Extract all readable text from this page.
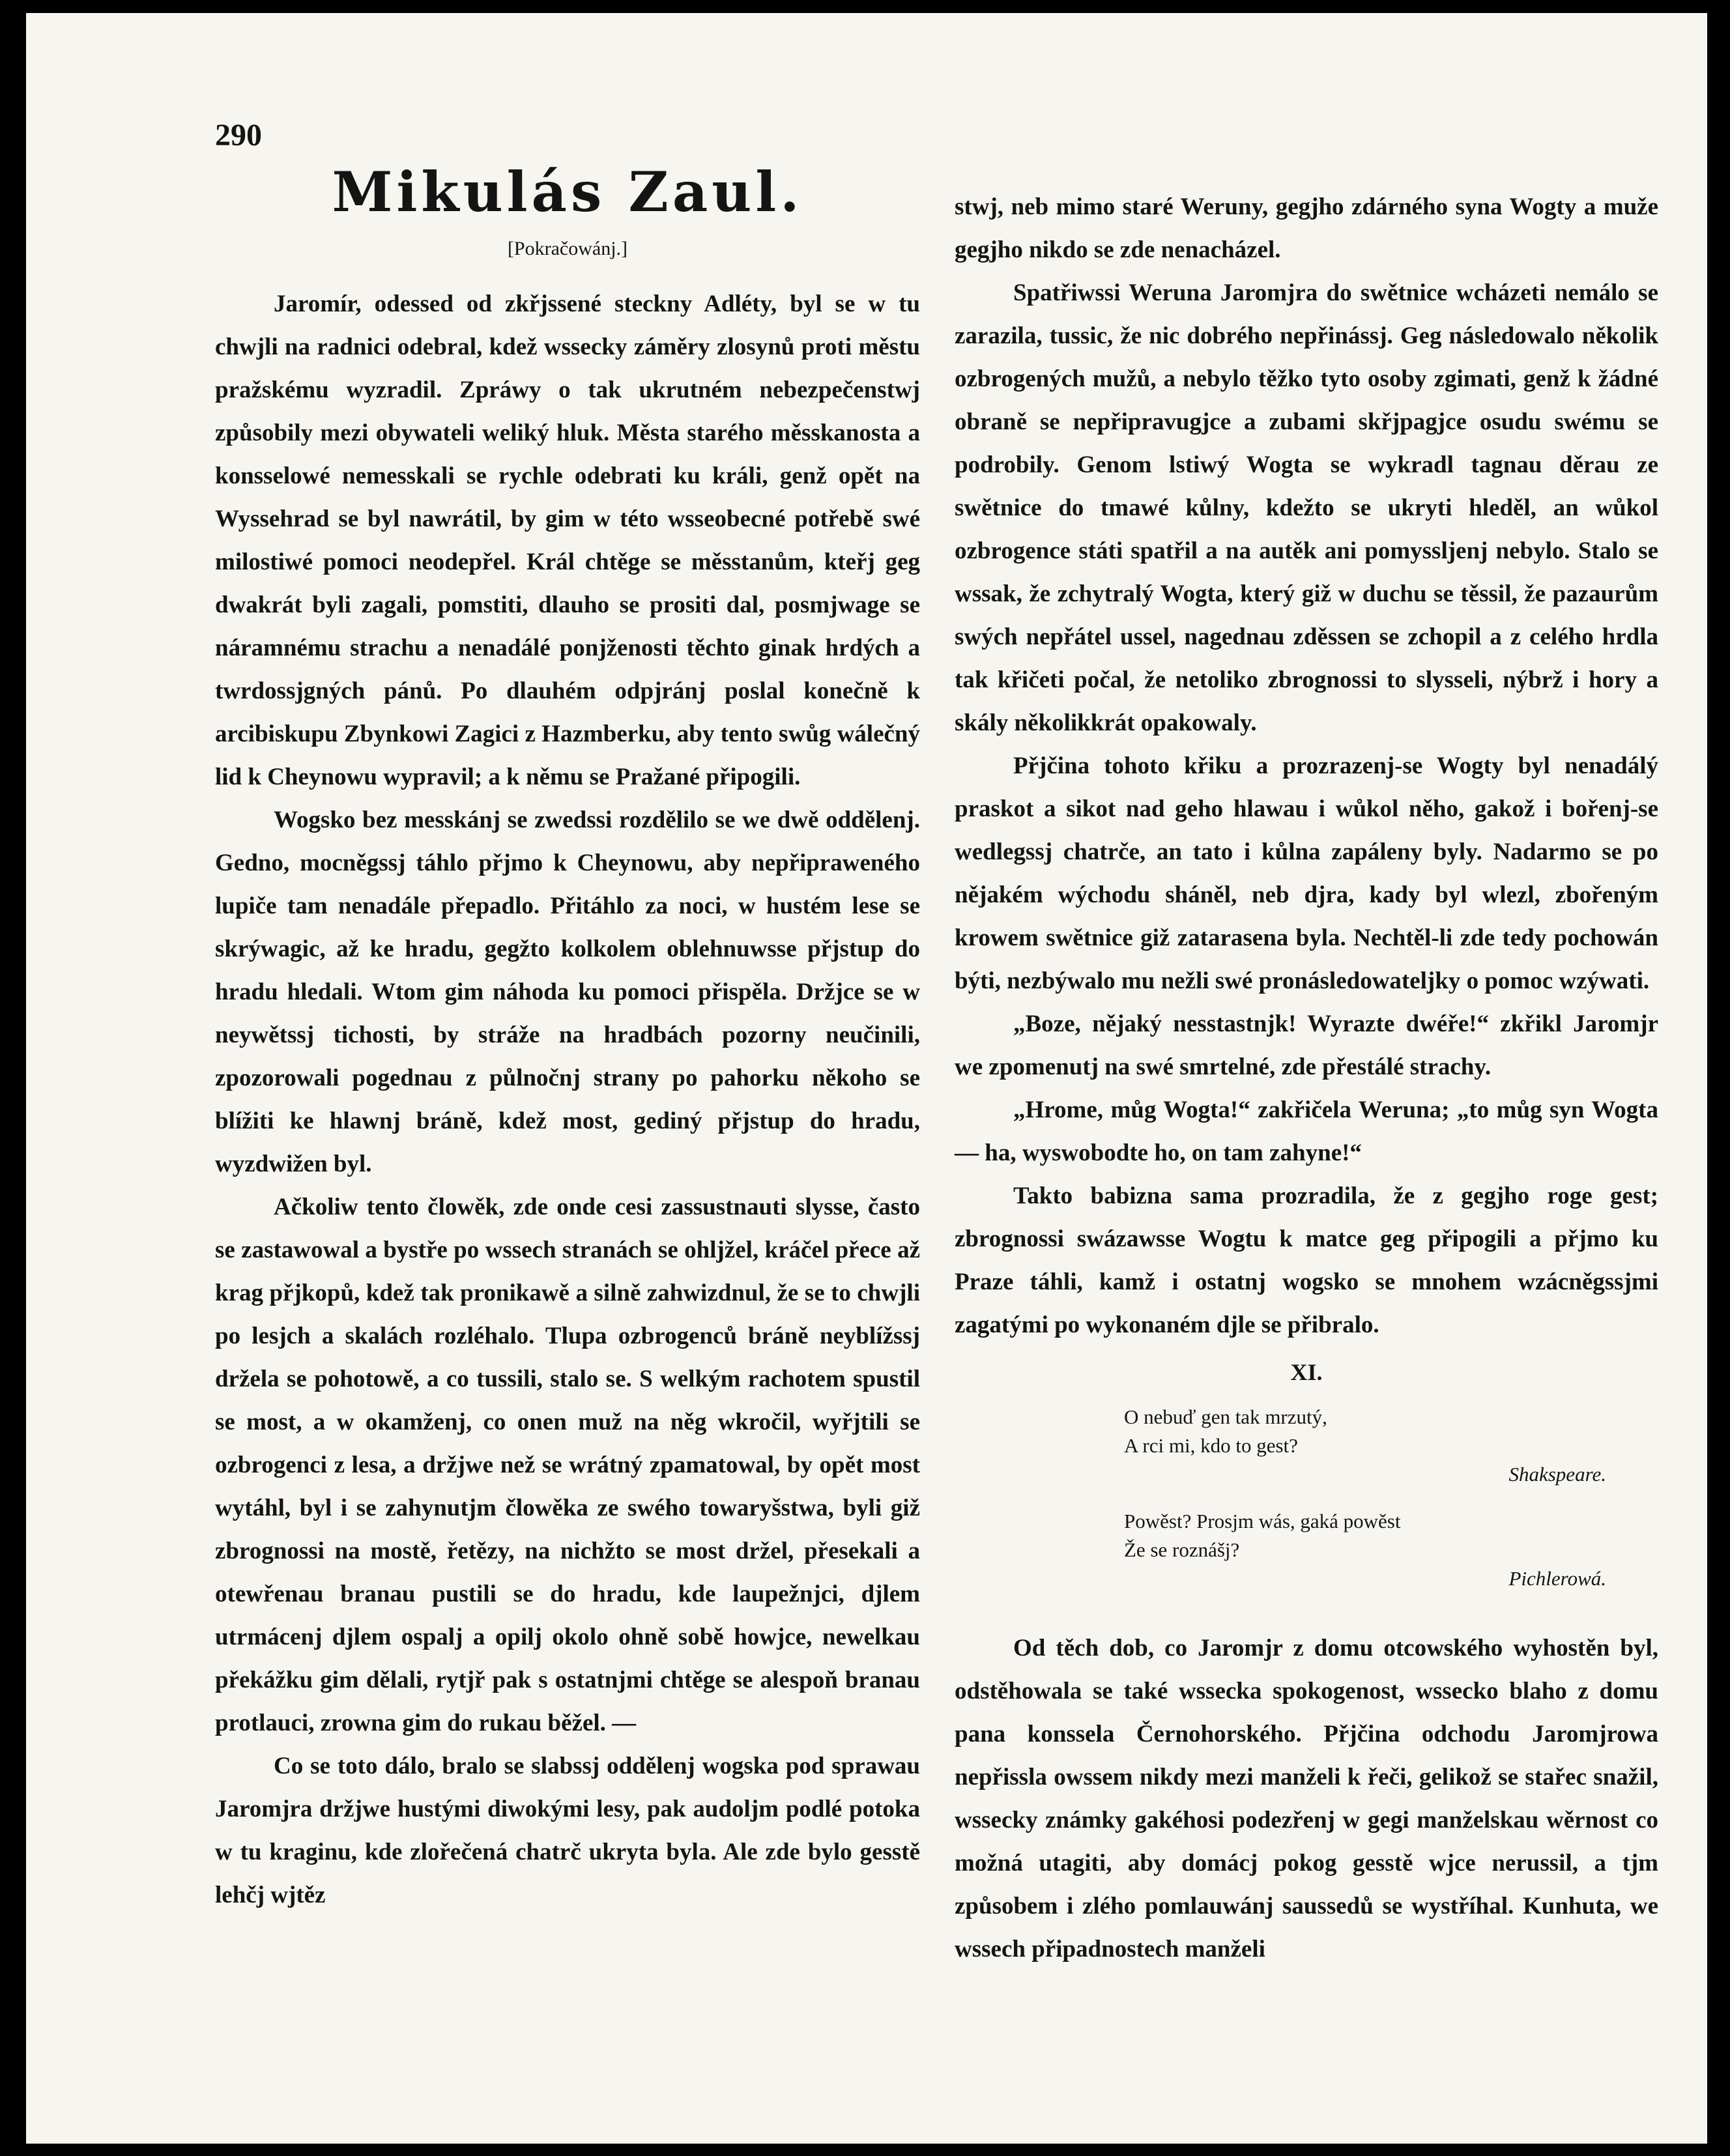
290
Mikulás Zaul.
[Pokračowánj.]

Jaromír, odessed od zkřjssené steckny Adléty, byl se w tu chwjli na radnici odebral, kdež wssecky záměry zlosynů proti městu pražskému wyzradil. Zpráwy o tak ukrutném nebezpečenstwj způsobily mezi obywateli weliký hluk. Města starého měsskanosta a konsselowé nemesskali se rychle odebrati ku králi, genž opět na Wyssehrad se byl nawrátil, by gim w této wsseobecné potřebě swé milostiwé pomoci neodepřel. Král chtěge se měsstanům, kteřj geg dwakrát byli zagali, pomstiti, dlauho se prositi dal, posmjwage se náramnému strachu a nenadálé ponjženosti těchto ginak hrdých a twrdossjgných pánů. Po dlauhém odpjránj poslal konečně k arcibiskupu Zbynkowi Zagici z Hazmberku, aby tento swůg wálečný lid k Cheynowu wypravil; a k němu se Pražané připogili.

Wogsko bez messkánj se zwedssi rozdělilo se we dwě oddělenj. Gedno, mocněgssj táhlo přjmo k Cheynowu, aby nepřipraweného lupiče tam nenadále přepadlo. Přitáhlo za noci, w hustém lese se skrýwagic, až ke hradu, gegžto kolkolem oblehnuwsse přjstup do hradu hledali. Wtom gim náhoda ku pomoci přispěla. Držjce se w neywětssj tichosti, by stráže na hradbách pozorny neučinili, zpozorowali pogednau z půlnočnj strany po pahorku někoho se blížiti ke hlawnj bráně, kdež most, gediný přjstup do hradu, wyzdwižen byl.

Ačkoliw tento člowěk, zde onde cesi zassustnauti slysse, často se zastawowal a bystře po wssech stranách se ohljžel, kráčel přece až krag přjkopů, kdež tak pronikawě a silně zahwizdnul, že se to chwjli po lesjch a skalách rozléhalo. Tlupa ozbrogenců bráně neyblížssj držela se pohotowě, a co tussili, stalo se. S welkým rachotem spustil se most, a w okamženj, co onen muž na něg wkročil, wyřjtili se ozbrogenci z lesa, a držjwe než se wrátný zpamatowal, by opět most wytáhl, byl i se zahynutjm člowěka ze swého towaryšstwa, byli giž zbrognossi na mostě, řetězy, na nichžto se most držel, přesekali a otewřenau branau pustili se do hradu, kde laupežnjci, djlem utrmácenj djlem ospalj a opilj okolo ohně sobě howjce, newelkau překážku gim dělali, rytjř pak s ostatnjmi chtěge se alespoň branau protlauci, zrowna gim do rukau běžel. —

Co se toto dálo, bralo se slabssj oddělenj wogska pod sprawau Jaromjra držjwe hustými diwokými lesy, pak audoljm podlé potoka w tu kraginu, kde zlořečená chatrč ukryta byla. Ale zde bylo gesstě lehčj wjtěz

stwj, neb mimo staré Weruny, gegjho zdárného syna Wogty a muže gegjho nikdo se zde nenacházel.

Spatřiwssi Weruna Jaromjra do swětnice wcházeti nemálo se zarazila, tussic, že nic dobrého nepřinássj. Geg následowalo několik ozbrogených mužů, a nebylo těžko tyto osoby zgimati, genž k žádné obraně se nepřipravugjce a zubami skřjpagjce osudu swému se podrobily. Genom lstiwý Wogta se wykradl tagnau děrau ze swětnice do tmawé kůlny, kdežto se ukryti hleděl, an wůkol ozbrogence státi spatřil a na autěk ani pomyssljenj nebylo. Stalo se wssak, že zchytralý Wogta, který giž w duchu se těssil, že pazaurům swých nepřátel ussel, nagednau zděssen se zchopil a z celého hrdla tak křičeti počal, že netoliko zbrognossi to slysseli, nýbrž i hory a skály několikkrát opakowaly.

Přjčina tohoto křiku a prozrazenj-se Wogty byl nenadálý praskot a sikot nad geho hlawau i wůkol něho, gakož i bořenj-se wedlegssj chatrče, an tato i kůlna zapáleny byly. Nadarmo se po nějakém wýchodu sháněl, neb djra, kady byl wlezl, zbořeným krowem swětnice giž zatarasena byla. Nechtěl-li zde tedy pochowán býti, nezbýwalo mu nežli swé pronásledowateljky o pomoc wzýwati.

„Boze, nějaký nesstastnjk! Wyrazte dwéře!“ zkřikl Jaromjr we zpomenutj na swé smrtelné, zde přestálé strachy.

„Hrome, můg Wogta!“ zakřičela Weruna; „to můg syn Wogta — ha, wyswobodte ho, on tam zahyne!“

Takto babizna sama prozradila, že z gegjho roge gest; zbrognossi swázawsse Wogtu k matce geg připogili a přjmo ku Praze táhli, kamž i ostatnj wogsko se mnohem wzácněgssjmi zagatými po wykonaném djle se přibralo.

XI.
O nebuď gen tak mrzutý,
A rci mi, kdo to gest?
Shakspeare.
Powěst? Prosjm wás, gaká powěst
Že se roznášj?
Pichlerowá.

Od těch dob, co Jaromjr z domu otcowského wyhostěn byl, odstěhowala se také wssecka spokogenost, wssecko blaho z domu pana konssela Černohorského. Přjčina odchodu Jaromjrowa nepřissla owssem nikdy mezi manželi k řeči, gelikož se stařec snažil, wssecky známky gakéhosi podezřenj w gegi manželskau wěrnost co možná utagiti, aby domácj pokog gesstě wjce nerussil, a tjm způsobem i zlého pomlauwánj saussedů se wystříhal. Kunhuta, we wssech připadnostech manželi
